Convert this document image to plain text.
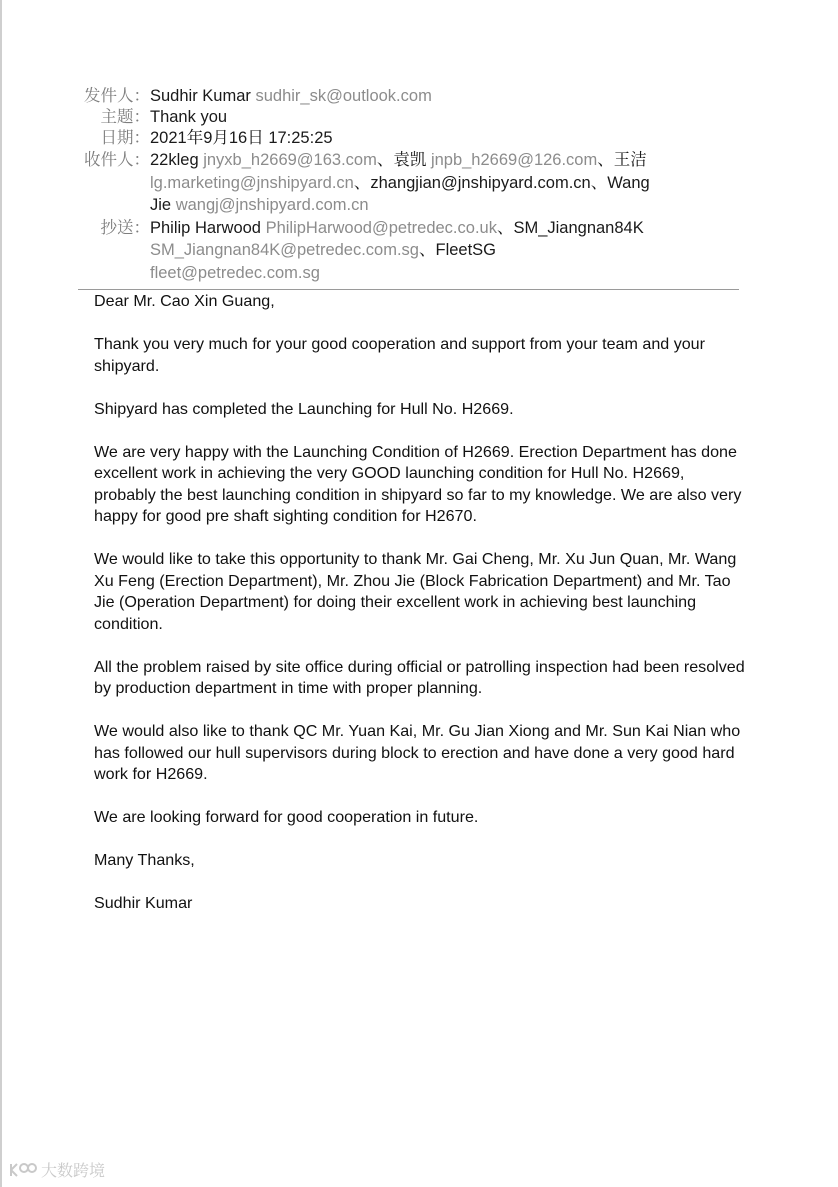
发件人： Sudhir Kumar sudhir_sk@outlook.com
主题： Thank you
日期： 2021年9月16日 17:25:25
收件人： 22kleg jnyxb_h2669@163.com、袁凯 jnpb_h2669@126.com、王洁
lg.marketing@jnshipyard.cn、zhangjian@jnshipyard.com.cn、Wang
Jie wangj@jnshipyard.com.cn
抄送： Philip Harwood PhilipHarwood@petredec.co.uk、SM_Jiangnan84K
SM_Jiangnan84K@petredec.com.sg、FleetSG
fleet@petredec.com.sg

Dear Mr. Cao Xin Guang,

Thank you very much for your good cooperation and support from your team and your shipyard.

Shipyard has completed the Launching for Hull No. H2669.

We are very happy with the Launching Condition of H2669. Erection Department has done excellent work in achieving the very GOOD launching condition for Hull No. H2669, probably the best launching condition in shipyard so far to my knowledge. We are also very happy for good pre shaft sighting condition for H2670.

We would like to take this opportunity to thank Mr. Gai Cheng, Mr. Xu Jun Quan, Mr. Wang Xu Feng (Erection Department), Mr. Zhou Jie (Block Fabrication Department) and Mr. Tao Jie (Operation Department) for doing their excellent work in achieving best launching condition.

All the problem raised by site office during official or patrolling inspection had been resolved by production department in time with proper planning.

We would also like to thank QC Mr. Yuan Kai, Mr. Gu Jian Xiong and Mr. Sun Kai Nian who has followed our hull supervisors during block to erection and have done a very good hard work for H2669.

We are looking forward for good cooperation in future.

Many Thanks,

Sudhir Kumar

大数跨境
